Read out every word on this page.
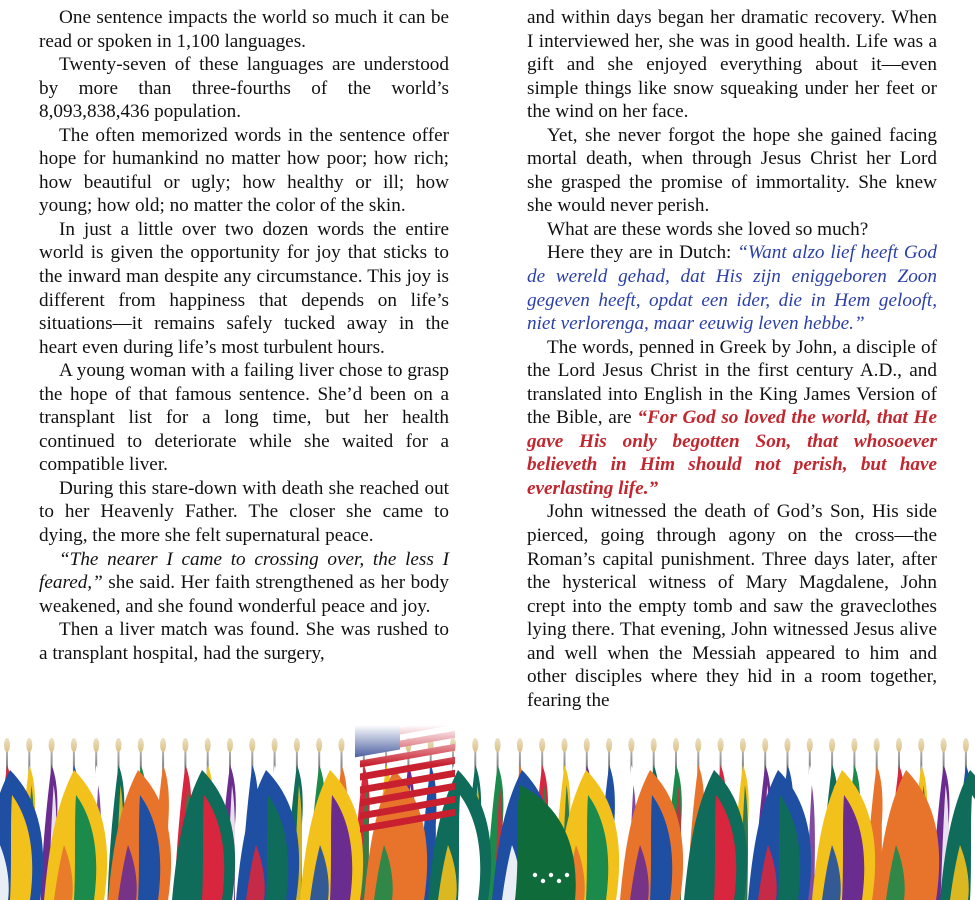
One sentence impacts the world so much it can be read or spoken in 1,100 languages.

Twenty-seven of these languages are understood by more than three-fourths of the world’s 8,093,838,436 population.

The often memorized words in the sentence offer hope for humankind no matter how poor; how rich; how beautiful or ugly; how healthy or ill; how young; how old; no matter the color of the skin.

In just a little over two dozen words the entire world is given the opportunity for joy that sticks to the inward man despite any circumstance. This joy is different from happiness that depends on life’s situations—it remains safely tucked away in the heart even during life’s most turbulent hours.

A young woman with a failing liver chose to grasp the hope of that famous sentence. She’d been on a transplant list for a long time, but her health continued to deteriorate while she waited for a compatible liver.

During this stare-down with death she reached out to her Heavenly Father. The closer she came to dying, the more she felt supernatural peace.

“The nearer I came to crossing over, the less I feared,” she said. Her faith strengthened as her body weakened, and she found wonderful peace and joy.

Then a liver match was found. She was rushed to a transplant hospital, had the surgery,

and within days began her dramatic recovery. When I interviewed her, she was in good health. Life was a gift and she enjoyed everything about it—even simple things like snow squeaking under her feet or the wind on her face.

Yet, she never forgot the hope she gained facing mortal death, when through Jesus Christ her Lord she grasped the promise of immortality. She knew she would never perish.

What are these words she loved so much?

Here they are in Dutch: “Want alzo lief heeft God de wereld gehad, dat His zijn eniggeboren Zoon gegeven heeft, opdat een ider, die in Hem gelooft, niet verlorenga, maar eeuwig leven hebbe.”

The words, penned in Greek by John, a disciple of the Lord Jesus Christ in the first century A.D., and translated into English in the King James Version of the Bible, are “For God so loved the world, that He gave His only begotten Son, that whosoever believeth in Him should not perish, but have everlasting life.”

John witnessed the death of God’s Son, His side pierced, going through agony on the cross—the Roman’s capital punishment. Three days later, after the hysterical witness of Mary Magdalene, John crept into the empty tomb and saw the graveclothes lying there. That evening, John witnessed Jesus alive and well when the Messiah appeared to him and other disciples where they hid in a room together, fearing the
